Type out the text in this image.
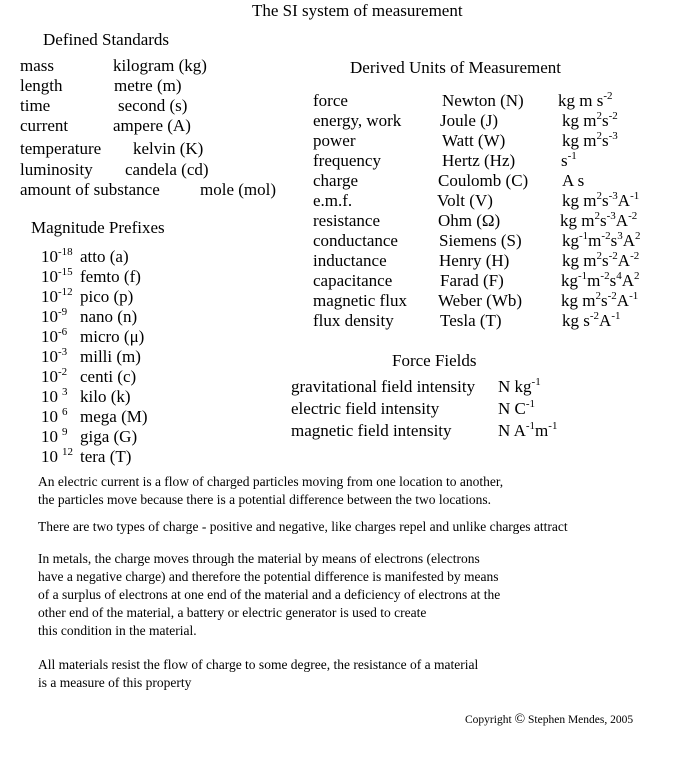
The SI system of measurement
Defined Standards
mass	kilogram (kg)
length	metre (m)
time	second (s)
current	ampere (A)
temperature kelvin (K)
luminosity candela (cd)
amount of substance mole (mol)
Magnitude Prefixes
$10^{-18}$ atto (a)
$10^{-15}$ femto (f)
$10^{-12}$ pico (p)
$10^{-9}$ nano (n)
$10^{-6}$ micro (μ)
$10^{-3}$ milli (m)
$10^{-2}$ centi (c)
10 $^3$ kilo (k)
10 $^6$ mega (M)
10 $^9$ giga (G)
10 $^{12}$ tera (T)
Derived Units of Measurement
force	Newton (N) kg m $s^{-2}$
energy, work Joule (J)	kg $m^2s^{-2}$
power	Watt (W)	kg $m^2s^{-3}$
frequency	Hertz (Hz)	$s^{-1}$
charge	Coulomb (C) A s
e.m.f.	Volt (V)	kg $m^2s^{-3}A^{-1}$
resistance	Ohm (Ω)	kg $m^2s^{-3}A^{-2}$
conductance Siemens (S) $kg^{-1}m^{-2}s^3A^2$
inductance	Henry (H)	kg $m^2s^{-2}A^{-2}$
capacitance	Farad (F)	$kg^{-1}m^{-2}s^4A^2$
magnetic flux Weber (Wb) kg $m^2s^{-2}A^{-1}$
flux density	Tesla (T)	kg $s^{-2}A^{-1}$
Force Fields
gravitational field intensity N $kg^{-1}$
electric field intensity	N $C^{-1}$
magnetic field intensity	N $A^{-1}m^{-1}$
An electric current is a flow of charged particles moving from one location to another,
the particles move because there is a potential difference between the two locations.
There are two types of charge - positive and negative, like charges repel and unlike charges attract
In metals, the charge moves through the material by means of electrons (electrons
have a negative charge) and therefore the potential difference is manifested by means
of a surplus of electrons at one end of the material and a deficiency of electrons at the
other end of the material, a battery or electric generator is used to create
this condition in the material.
All materials resist the flow of charge to some degree, the resistance of a material
is a measure of this property
Copyright © Stephen Mendes, 2005
